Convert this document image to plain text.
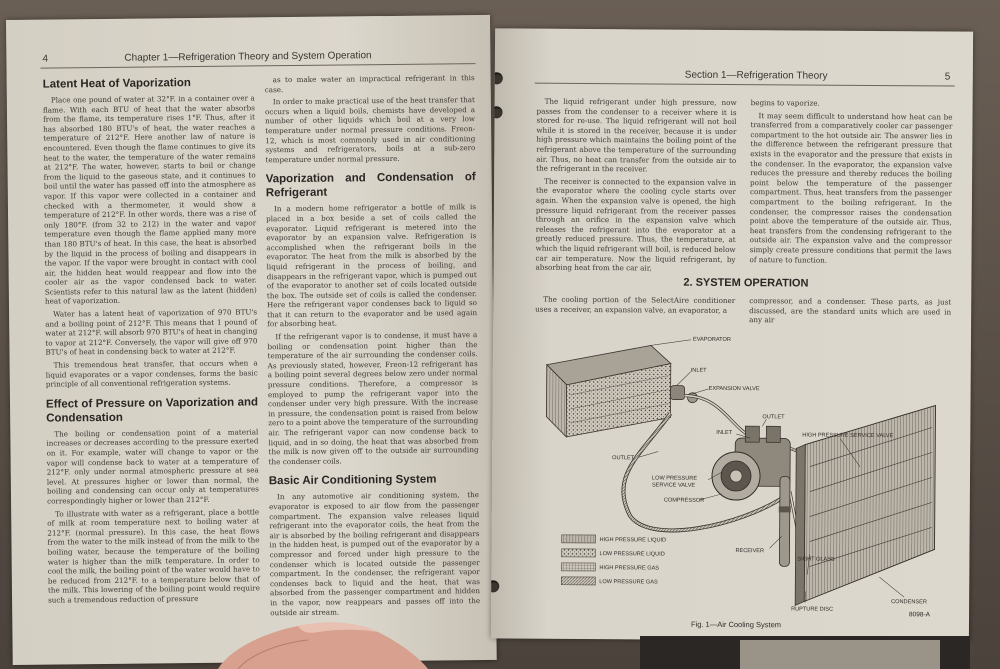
4	Chapter 1—Refrigeration Theory and System Operation
Latent Heat of Vaporization

Place one pound of water at 32°F. in a container over a flame. With each BTU of heat that the water absorbs from the flame, its temperature rises 1°F. Thus, after it has absorbed 180 BTU's of heat, the water reaches a temperature of 212°F. Here another law of nature is encountered. Even though the flame continues to give its heat to the water, the temperature of the water remains at 212°F. The water, however, starts to boil or change from the liquid to the gaseous state, and it continues to boil until the water has passed off into the atmosphere as vapor. If this vapor were collected in a container and checked with a thermometer, it would show a temperature of 212°F. In other words, there was a rise of only 180°F. (from 32 to 212) in the water and vapor temperature even though the flame applied many more than 180 BTU's of heat. In this case, the heat is absorbed by the liquid in the process of boiling and disappears in the vapor. If the vapor were brought in contact with cool air, the hidden heat would reappear and flow into the cooler air as the vapor condensed back to water. Scientists refer to this natural law as the latent (hidden) heat of vaporization.

Water has a latent heat of vaporization of 970 BTU's and a boiling point of 212°F. This means that 1 pound of water at 212°F. will absorb 970 BTU's of heat in changing to vapor at 212°F. Conversely, the vapor will give off 970 BTU's of heat in condensing back to water at 212°F.

This tremendous heat transfer, that occurs when a liquid evaporates or a vapor condenses, forms the basic principle of all conventional refrigeration systems.

Effect of Pressure on Vaporization and Condensation

The boiling or condensation point of a material increases or decreases according to the pressure exerted on it. For example, water will change to vapor or the vapor will condense back to water at a temperature of 212°F. only under normal atmospheric pressure at sea level. At pressures higher or lower than normal, the boiling and condensing can occur only at temperatures correspondingly higher or lower than 212°F.

To illustrate with water as a refrigerant, place a bottle of milk at room temperature next to boiling water at 212°F. (normal pressure). In this case, the heat flows from the water to the milk instead of from the milk to the boiling water, because the temperature of the boiling water is higher than the milk temperature. In order to cool the milk, the boiling point of the water would have to be reduced from 212°F. to a temperature below that of the milk. This lowering of the boiling point would require such a tremendous reduction of pressure

as to make water an impractical refrigerant in this case.

In order to make practical use of the heat transfer that occurs when a liquid boils, chemists have developed a number of other liquids which boil at a very low temperature under normal pressure conditions. Freon-12, which is most commonly used in air conditioning systems and refrigerators, boils at a sub-zero temperature under normal pressure.

Vaporization and Condensation of Refrigerant

In a modern home refrigerator a bottle of milk is placed in a box beside a set of coils called the evaporator. Liquid refrigerant is metered into the evaporator by an expansion valve. Refrigeration is accomplished when the refrigerant boils in the evaporator. The heat from the milk is absorbed by the liquid refrigerant in the process of boiling, and disappears in the refrigerant vapor, which is pumped out of the evaporator to another set of coils located outside the box. The outside set of coils is called the condenser. Here the refrigerant vapor condenses back to liquid so that it can return to the evaporator and be used again for absorbing heat.

If the refrigerant vapor is to condense, it must have a boiling or condensation point higher than the temperature of the air surrounding the condenser coils. As previously stated, however, Freon-12 refrigerant has a boiling point several degrees below zero under normal pressure conditions. Therefore, a compressor is employed to pump the refrigerant vapor into the condenser under very high pressure. With the increase in pressure, the condensation point is raised from below zero to a point above the temperature of the surrounding air. The refrigerant vapor can now condense back to liquid, and in so doing, the heat that was absorbed from the milk is now given off to the outside air surrounding the condenser coils.

Basic Air Conditioning System

In any automotive air conditioning system, the evaporator is exposed to air flow from the passenger compartment. The expansion valve releases liquid refrigerant into the evaporator coils, the heat from the air is absorbed by the boiling refrigerant and disappears in the hidden heat, is pumped out of the evaporator by a compressor and forced under high pressure to the condenser which is located outside the passenger compartment. In the condenser, the refrigerant vapor condenses back to liquid and the heat, that was absorbed from the passenger compartment and hidden in the vapor, now reappears and passes off into the outside air stream.

Section 1—Refrigeration Theory	5

The liquid refrigerant under high pressure, now passes from the condenser to a receiver where it is stored for re-use. The liquid refrigerant will not boil while it is stored in the receiver, because it is under high pressure which maintains the boiling point of the refrigerant above the temperature of the surrounding air. Thus, no heat can transfer from the outside air to the refrigerant in the receiver.

The receiver is connected to the expansion valve in the evaporator where the cooling cycle starts over again. When the expansion valve is opened, the high pressure liquid refrigerant from the receiver passes through an orifice in the expansion valve which releases the refrigerant into the evaporator at a greatly reduced pressure. Thus, the temperature, at which the liquid refrigerant will boil, is reduced below car air temperature. Now the liquid refrigerant, by absorbing heat from the car air,

begins to vaporize.

It may seem difficult to understand how heat can be transferred from a comparatively cooler car passenger compartment to the hot outside air. The answer lies in the difference between the refrigerant pressure that exists in the evaporator and the pressure that exists in the condenser. In the evaporator, the expansion valve reduces the pressure and thereby reduces the boiling point below the temperature of the passenger compartment. Thus, heat transfers from the passenger compartment to the boiling refrigerant. In the condenser, the compressor raises the condensation point above the temperature of the outside air. Thus, heat transfers from the condensing refrigerant to the outside air. The expansion valve and the compressor simply create pressure conditions that permit the laws of nature to function.

2. SYSTEM OPERATION

The cooling portion of the SelectAire conditioner uses a receiver, an expansion valve, an evaporator, a

compressor, and a condenser. These parts, as just discussed, are the standard units which are used in any air

EVAPORATOR
INLET
EXPANSION VALVE
OUTLET
OUTLET
INLET	HIGH PRESSURE SERVICE VALVE
LOW PRESSURE
SERVICE VALVE
COMPRESSOR
RECEIVER
SIGHT GLASS
CONDENSER
RUPTURE DISC
HIGH PRESSURE LIQUID
LOW PRESSURE LIQUID
HIGH PRESSURE GAS
LOW PRESSURE GAS
Fig. 1—Air Cooling System
8098-A
